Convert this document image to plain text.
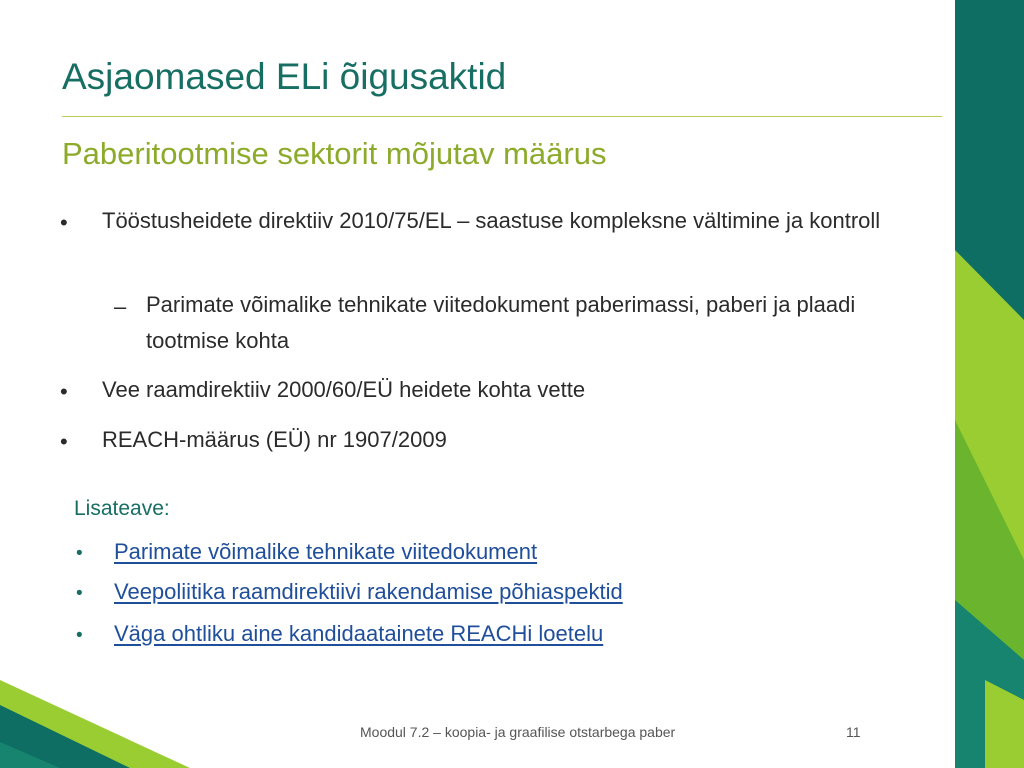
Asjaomased ELi õigusaktid
Paberitootmise sektorit mõjutav määrus
• Tööstusheidete direktiiv 2010/75/EL – saastuse kompleksne vältimine ja kontroll
– Parimate võimalike tehnikate viitedokument paberimassi, paberi ja plaadi tootmise kohta
• Vee raamdirektiiv 2000/60/EÜ heidete kohta vette
• REACH-määrus (EÜ) nr 1907/2009
Lisateave:
• Parimate võimalike tehnikate viitedokument
• Veepoliitika raamdirektiivi rakendamise põhiaspektid
• Väga ohtliku aine kandidaatainete REACHi loetelu
Moodul 7.2 – koopia- ja graafilise otstarbega paber	11
